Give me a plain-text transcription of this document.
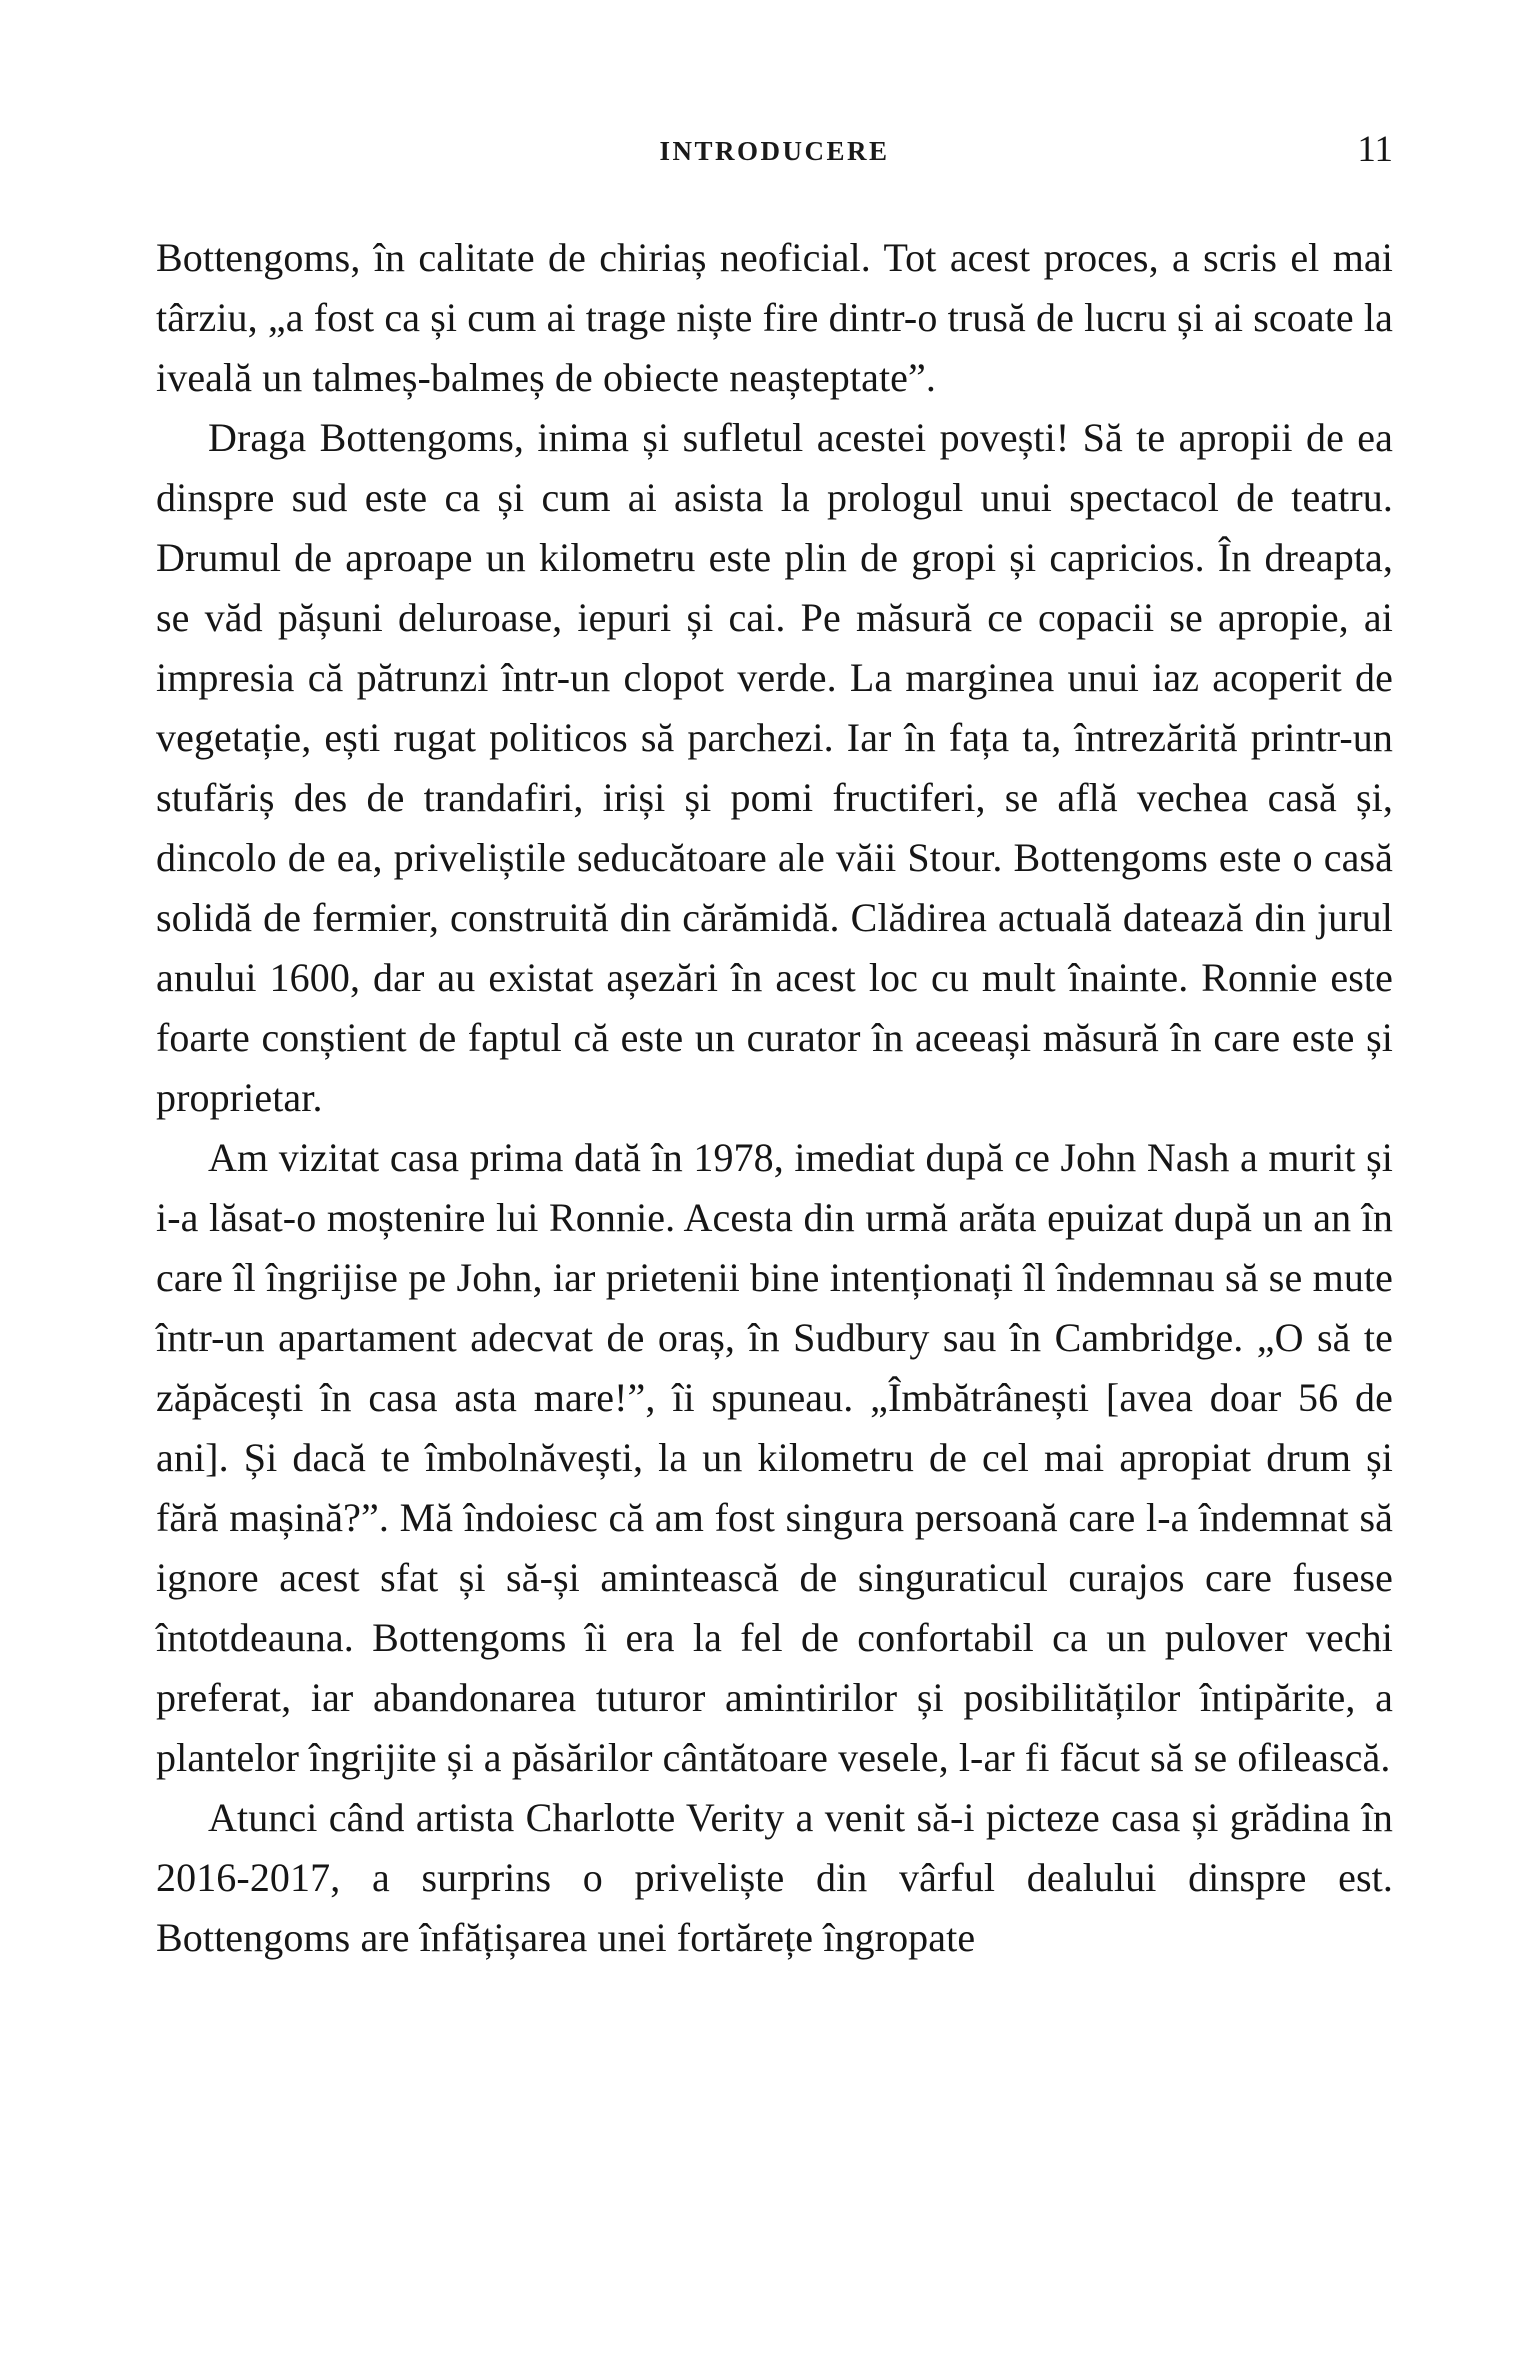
INTRODUCERE	11

Bottengoms, în calitate de chiriaș neoficial. Tot acest proces, a scris el mai târziu, „a fost ca și cum ai trage niște fire dintr-o trusă de lucru și ai scoate la iveală un talmeș-balmeș de obiecte neașteptate”.

Draga Bottengoms, inima și sufletul acestei povești! Să te apropii de ea dinspre sud este ca și cum ai asista la prologul unui spectacol de teatru. Drumul de aproape un kilometru este plin de gropi și capricios. În dreapta, se văd pășuni deluroase, iepuri și cai. Pe măsură ce copacii se apropie, ai impresia că pătrunzi într-un clopot verde. La marginea unui iaz acoperit de vegetație, ești rugat politicos să parchezi. Iar în fața ta, întrezărită printr-un stufăriș des de trandafiri, iriși și pomi fructiferi, se află vechea casă și, dincolo de ea, priveliștile seducătoare ale văii Stour. Bottengoms este o casă solidă de fermier, construită din cărămidă. Clădirea actuală datează din jurul anului 1600, dar au existat așezări în acest loc cu mult înainte. Ronnie este foarte conștient de faptul că este un curator în aceeași măsură în care este și proprietar.

Am vizitat casa prima dată în 1978, imediat după ce John Nash a murit și i-a lăsat-o moștenire lui Ronnie. Acesta din urmă arăta epuizat după un an în care îl îngrijise pe John, iar prietenii bine intenționați îl îndemnau să se mute într-un apartament adecvat de oraș, în Sudbury sau în Cambridge. „O să te zăpăcești în casa asta mare!”, îi spuneau. „Îmbătrânești [avea doar 56 de ani]. Și dacă te îmbolnăvești, la un kilometru de cel mai apropiat drum și fără mașină?”. Mă îndoiesc că am fost singura persoană care l-a îndemnat să ignore acest sfat și să-și amintească de singuraticul curajos care fusese întotdeauna. Bottengoms îi era la fel de confortabil ca un pulover vechi preferat, iar abandonarea tuturor amintirilor și posibilităților întipărite, a plantelor îngrijite și a păsărilor cântătoare vesele, l-ar fi făcut să se ofilească.

Atunci când artista Charlotte Verity a venit să-i picteze casa și grădina în 2016-2017, a surprins o priveliște din vârful dealului dinspre est. Bottengoms are înfățișarea unei fortărețe îngropate
